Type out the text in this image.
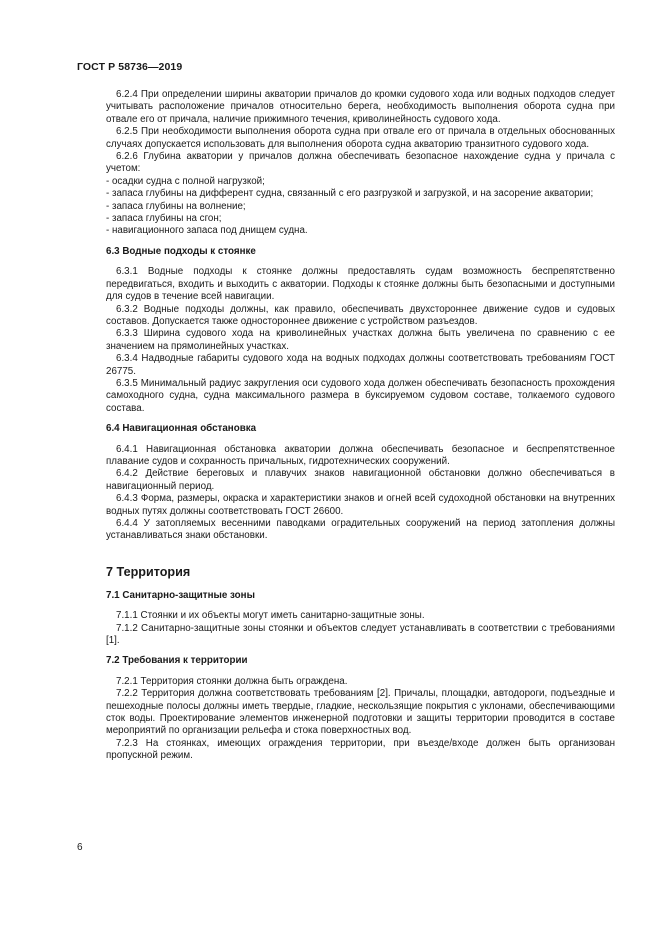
ГОСТ Р 58736—2019

6.2.4 При определении ширины акватории причалов до кромки судового хода или водных подходов следует учитывать расположение причалов относительно берега, необходимость выполнения оборота судна при отвале его от причала, наличие прижимного течения, криволинейность судового хода.

6.2.5 При необходимости выполнения оборота судна при отвале его от причала в отдельных обоснованных случаях допускается использовать для выполнения оборота судна акваторию транзитного судового хода.

6.2.6 Глубина акватории у причалов должна обеспечивать безопасное нахождение судна у причала с учетом:

- осадки судна с полной нагрузкой;

- запаса глубины на дифферент судна, связанный с его разгрузкой и загрузкой, и на засорение акватории;

- запаса глубины на волнение;

- запаса глубины на сгон;

- навигационного запаса под днищем судна.

6.3 Водные подходы к стоянке

6.3.1 Водные подходы к стоянке должны предоставлять судам возможность беспрепятственно передвигаться, входить и выходить с акватории. Подходы к стоянке должны быть безопасными и доступными для судов в течение всей навигации.

6.3.2 Водные подходы должны, как правило, обеспечивать двухстороннее движение судов и судовых составов. Допускается также одностороннее движение с устройством разъездов.

6.3.3 Ширина судового хода на криволинейных участках должна быть увеличена по сравнению с ее значением на прямолинейных участках.

6.3.4 Надводные габариты судового хода на водных подходах должны соответствовать требованиям ГОСТ 26775.

6.3.5 Минимальный радиус закругления оси судового хода должен обеспечивать безопасность прохождения самоходного судна, судна максимального размера в буксируемом судовом составе, толкаемого судового состава.

6.4 Навигационная обстановка

6.4.1 Навигационная обстановка акватории должна обеспечивать безопасное и беспрепятственное плавание судов и сохранность причальных, гидротехнических сооружений.

6.4.2 Действие береговых и плавучих знаков навигационной обстановки должно обеспечиваться в навигационный период.

6.4.3 Форма, размеры, окраска и характеристики знаков и огней всей судоходной обстановки на внутренних водных путях должны соответствовать ГОСТ 26600.

6.4.4 У затопляемых весенними паводками оградительных сооружений на период затопления должны устанавливаться знаки обстановки.

7 Территория
7.1 Санитарно-защитные зоны

7.1.1 Стоянки и их объекты могут иметь санитарно-защитные зоны.

7.1.2 Санитарно-защитные зоны стоянки и объектов следует устанавливать в соответствии с требованиями [1].

7.2 Требования к территории

7.2.1 Территория стоянки должна быть ограждена.

7.2.2 Территория должна соответствовать требованиям [2]. Причалы, площадки, автодороги, подъездные и пешеходные полосы должны иметь твердые, гладкие, нескользящие покрытия с уклонами, обеспечивающими сток воды. Проектирование элементов инженерной подготовки и защиты территории проводится в составе мероприятий по организации рельефа и стока поверхностных вод.

7.2.3 На стоянках, имеющих ограждения территории, при въезде/входе должен быть организован пропускной режим.

6
